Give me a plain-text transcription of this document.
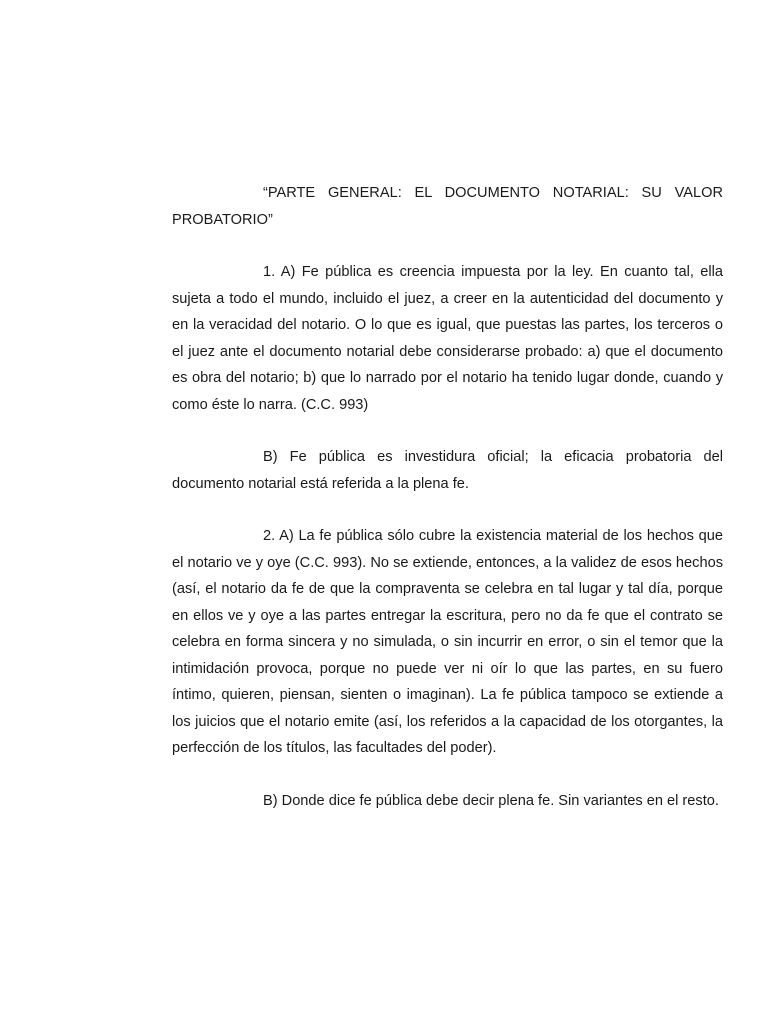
“PARTE GENERAL: EL DOCUMENTO NOTARIAL: SU VALOR PROBATORIO”

1. A) Fe pública es creencia impuesta por la ley. En cuanto tal, ella sujeta a todo el mundo, incluido el juez, a creer en la autenticidad del documento y en la veracidad del notario. O lo que es igual, que puestas las partes, los terceros o el juez ante el documento notarial debe considerarse probado: a) que el documento es obra del notario; b) que lo narrado por el notario ha tenido lugar donde, cuando y como éste lo narra. (C.C. 993)

B) Fe pública es investidura oficial; la eficacia probatoria del documento notarial está referida a la plena fe.

2. A) La fe pública sólo cubre la existencia material de los hechos que el notario ve y oye (C.C. 993). No se extiende, entonces, a la validez de esos hechos (así, el notario da fe de que la compraventa se celebra en tal lugar y tal día, porque en ellos ve y oye a las partes entregar la escritura, pero no da fe que el contrato se celebra en forma sincera y no simulada, o sin incurrir en error, o sin el temor que la intimidación provoca, porque no puede ver ni oír lo que las partes, en su fuero íntimo, quieren, piensan, sienten o imaginan). La fe pública tampoco se extiende a los juicios que el notario emite (así, los referidos a la capacidad de los otorgantes, la perfección de los títulos, las facultades del poder).

B) Donde dice fe pública debe decir plena fe. Sin variantes en el resto.
